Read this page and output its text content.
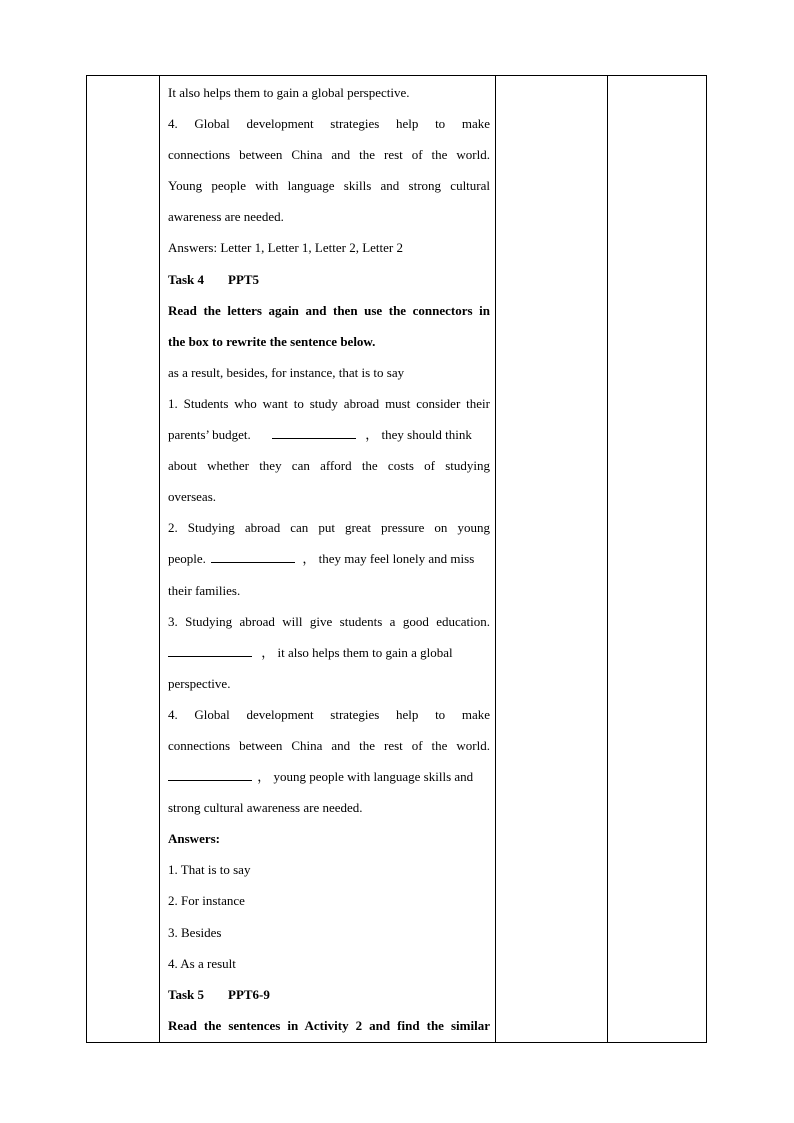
It also helps them to gain a global perspective.
4. Global development strategies help to make
connections between China and the rest of the world.
Young people with language skills and strong cultural
awareness are needed.
Answers: Letter 1, Letter 1, Letter 2, Letter 2
Task 4 PPT5
Read the letters again and then use the connectors in
the box to rewrite the sentence below.
as a result, besides, for instance, that is to say
1. Students who want to study abroad must consider their
parents’ budget.	， they should think
about whether they can afford the costs of studying
overseas.
2. Studying abroad can put great pressure on young
people.	， they may feel lonely and miss
their families.
3. Studying abroad will give students a good education.
， it also helps them to gain a global
perspective.
4. Global development strategies help to make
connections between China and the rest of the world.
， young people with language skills and
strong cultural awareness are needed.
Answers:
1. That is to say
2. For instance
3. Besides
4. As a result
Task 5 PPT6-9
Read the sentences in Activity 2 and find the similar
